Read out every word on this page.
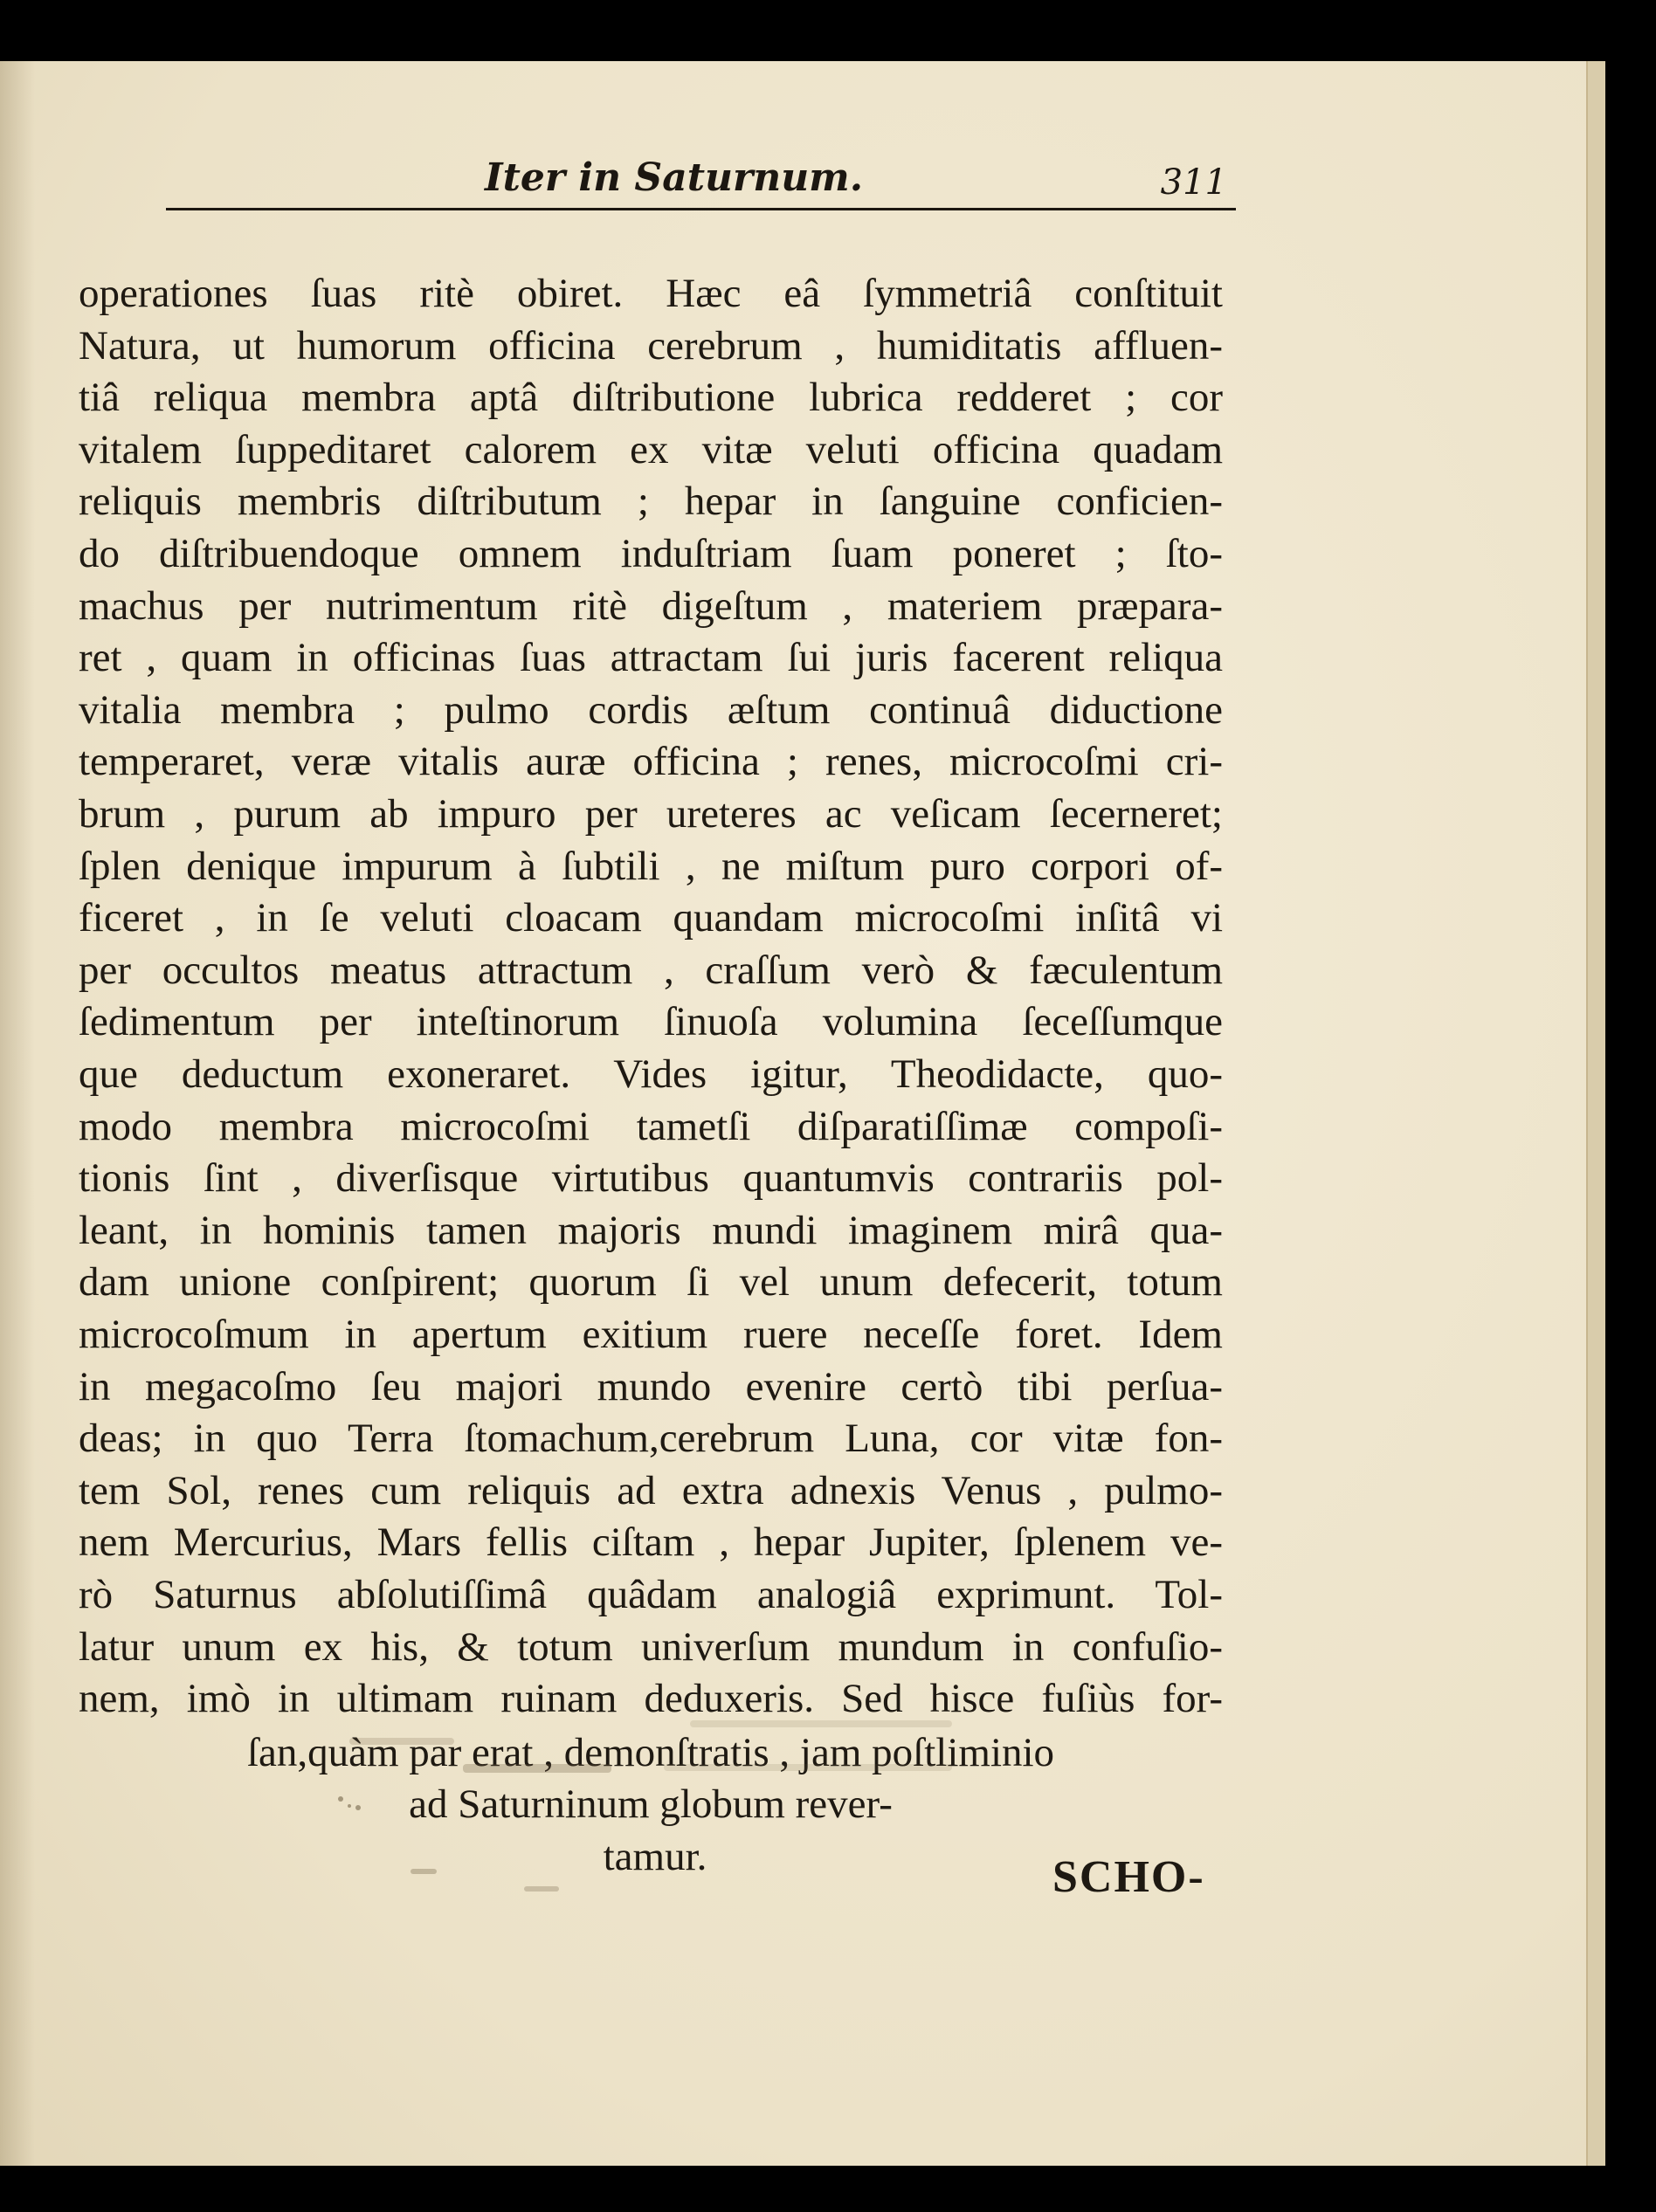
Iter in Saturnum.	311
operationes ſuas ritè obiret. Hæc eâ ſymmetriâ conſtituit
Natura, ut humorum officina cerebrum , humiditatis affluen-
tiâ reliqua membra aptâ diſtributione lubrica redderet ; cor
vitalem ſuppeditaret calorem ex vitæ veluti officina quadam
reliquis membris diſtributum ; hepar in ſanguine conficien-
do diſtribuendoque omnem induſtriam ſuam poneret ; ſto-
machus per nutrimentum ritè digeſtum , materiem præpara-
ret , quam in officinas ſuas attractam ſui juris facerent reliqua
vitalia membra ; pulmo cordis æſtum continuâ diductione
temperaret, veræ vitalis auræ officina ; renes, microcoſmi cri-
brum , purum ab impuro per ureteres ac veſicam ſecerneret;
ſplen denique impurum à ſubtili , ne miſtum puro corpori of-
ficeret , in ſe veluti cloacam quandam microcoſmi inſitâ vi
per occultos meatus attractum , craſſum verò & fæculentum
ſedimentum per inteſtinorum ſinuoſa volumina ſeceſſumque
que deductum exoneraret. Vides igitur, Theodidacte, quo-
modo membra microcoſmi tametſi diſparatiſſimæ compoſi-
tionis ſint , diverſisque virtutibus quantumvis contrariis pol-
leant, in hominis tamen majoris mundi imaginem mirâ qua-
dam unione conſpirent; quorum ſi vel unum defecerit, totum
microcoſmum in apertum exitium ruere neceſſe foret. Idem
in megacoſmo ſeu majori mundo evenire certò tibi perſua-
deas; in quo Terra ſtomachum,cerebrum Luna, cor vitæ fon-
tem Sol, renes cum reliquis ad extra adnexis Venus , pulmo-
nem Mercurius, Mars fellis ciſtam , hepar Jupiter, ſplenem ve-
rò Saturnus abſolutiſſimâ quâdam analogiâ exprimunt. Tol-
latur unum ex his, & totum univerſum mundum in confuſio-
nem, imò in ultimam ruinam deduxeris. Sed hisce fuſiùs for-
ſan,quàm par erat , demonſtratis , jam poſtliminio
ad Saturninum globum rever-
tamur.	SCHO-
